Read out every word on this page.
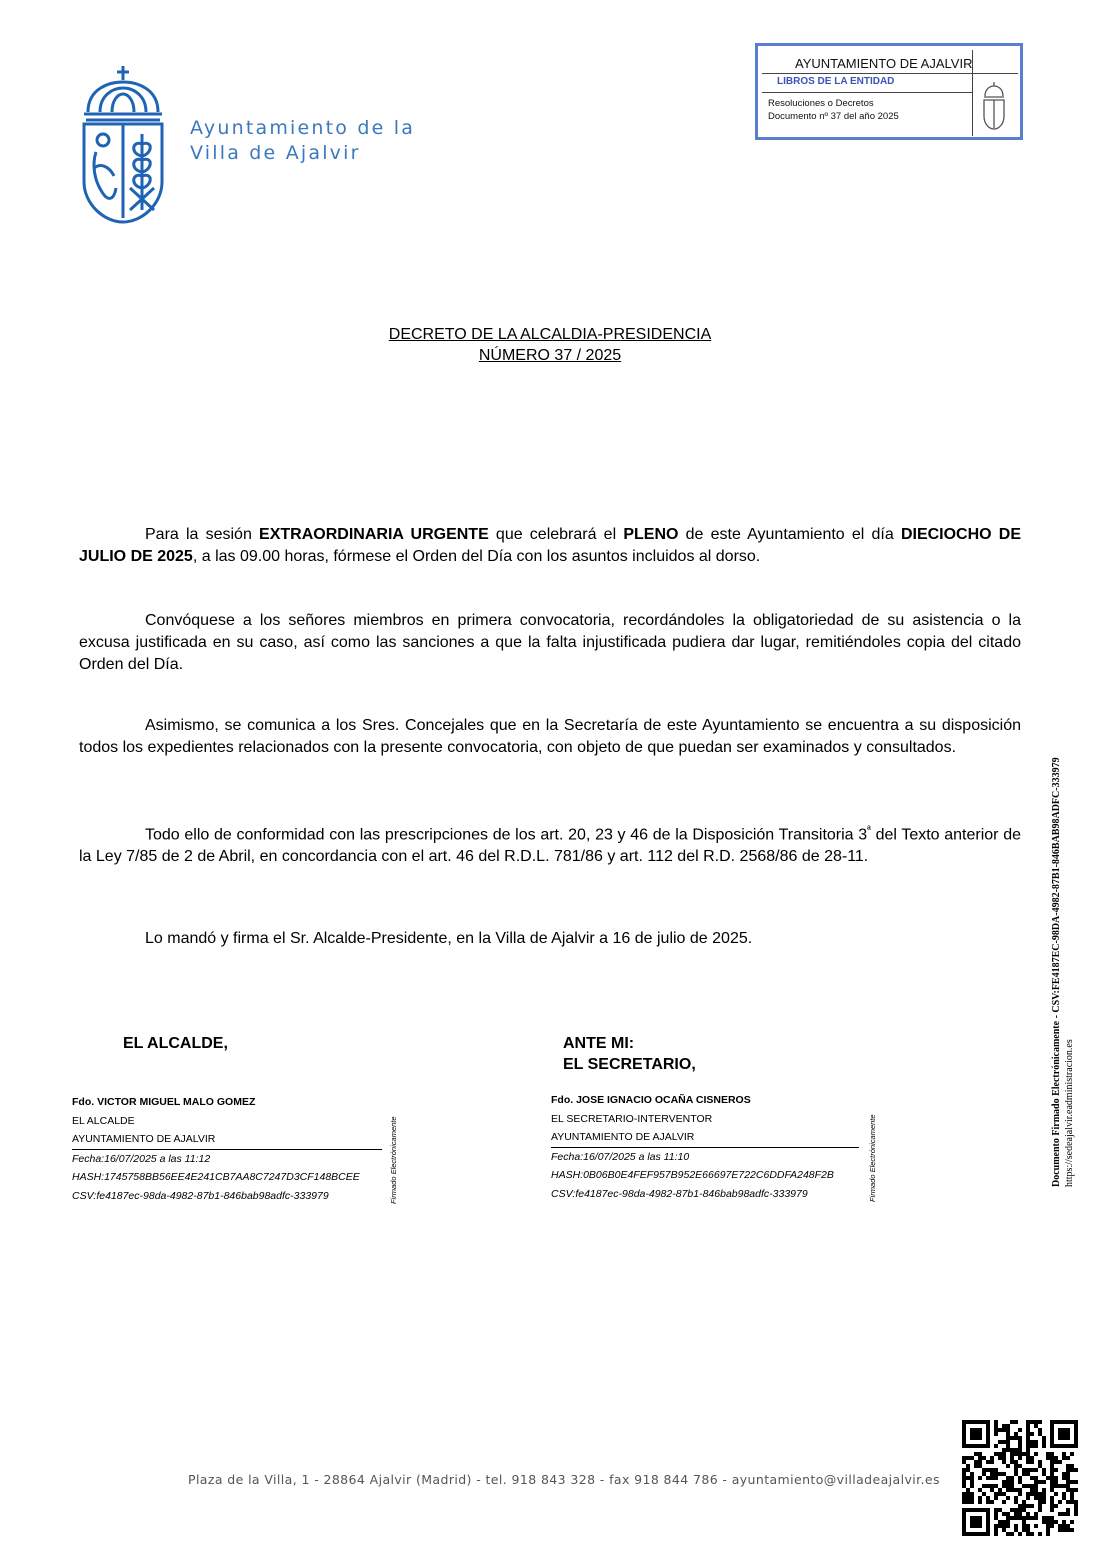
Ayuntamiento de la
Villa de Ajalvir
AYUNTAMIENTO DE AJALVIR
LIBROS DE LA ENTIDAD
Resoluciones o Decretos
Documento nº 37 del año 2025
DECRETO DE LA ALCALDIA-PRESIDENCIA
NÚMERO 37 / 2025
Para la sesión EXTRAORDINARIA URGENTE que celebrará el PLENO de este Ayuntamiento el día DIECIOCHO DE JULIO DE 2025, a las 09.00 horas, fórmese el Orden del Día con los asuntos incluidos al dorso.
Convóquese a los señores miembros en primera convocatoria, recordándoles la obligatoriedad de su asistencia o la excusa justificada en su caso, así como las sanciones a que la falta injustificada pudiera dar lugar, remitiéndoles copia del citado Orden del Día.
Asimismo, se comunica a los Sres. Concejales que en la Secretaría de este Ayuntamiento se encuentra a su disposición todos los expedientes relacionados con la presente convocatoria, con objeto de que puedan ser examinados y consultados.
Todo ello de conformidad con las prescripciones de los art. 20, 23 y 46 de la Disposición Transitoria $3^ª$ del Texto anterior de la Ley 7/85 de 2 de Abril, en concordancia con el art. 46 del R.D.L. 781/86 y art. 112 del R.D. 2568/86 de 28-11.
Lo mandó y firma el Sr. Alcalde-Presidente, en la Villa de Ajalvir a 16 de julio de 2025.
EL ALCALDE,	ANTE MI:
EL SECRETARIO,
Fdo. VICTOR MIGUEL MALO GOMEZ
EL ALCALDE
AYUNTAMIENTO DE AJALVIR
Fecha:16/07/2025 a las 11:12
HASH:1745758BB56EE4E241CB7AA8C7247D3CF148BCEE
CSV:fe4187ec-98da-4982-87b1-846bab98adfc-333979	Firmado Electrónicamente
Fdo. JOSE IGNACIO OCAÑA CISNEROS
EL SECRETARIO-INTERVENTOR
AYUNTAMIENTO DE AJALVIR
Fecha:16/07/2025 a las 11:10
HASH:0B06B0E4FEF957B952E66697E722C6DDFA248F2B
CSV:fe4187ec-98da-4982-87b1-846bab98adfc-333979	Firmado Electrónicamente	Documento Firmado Electrónicamente - CSV:FE4187EC-98DA-4982-87B1-846BAB98ADFC-333979 https://sedeajalvir.eadministracion.es
Plaza de la Villa, 1 - 28864 Ajalvir (Madrid) - tel. 918 843 328 - fax 918 844 786 - ayuntamiento@villadeajalvir.es
